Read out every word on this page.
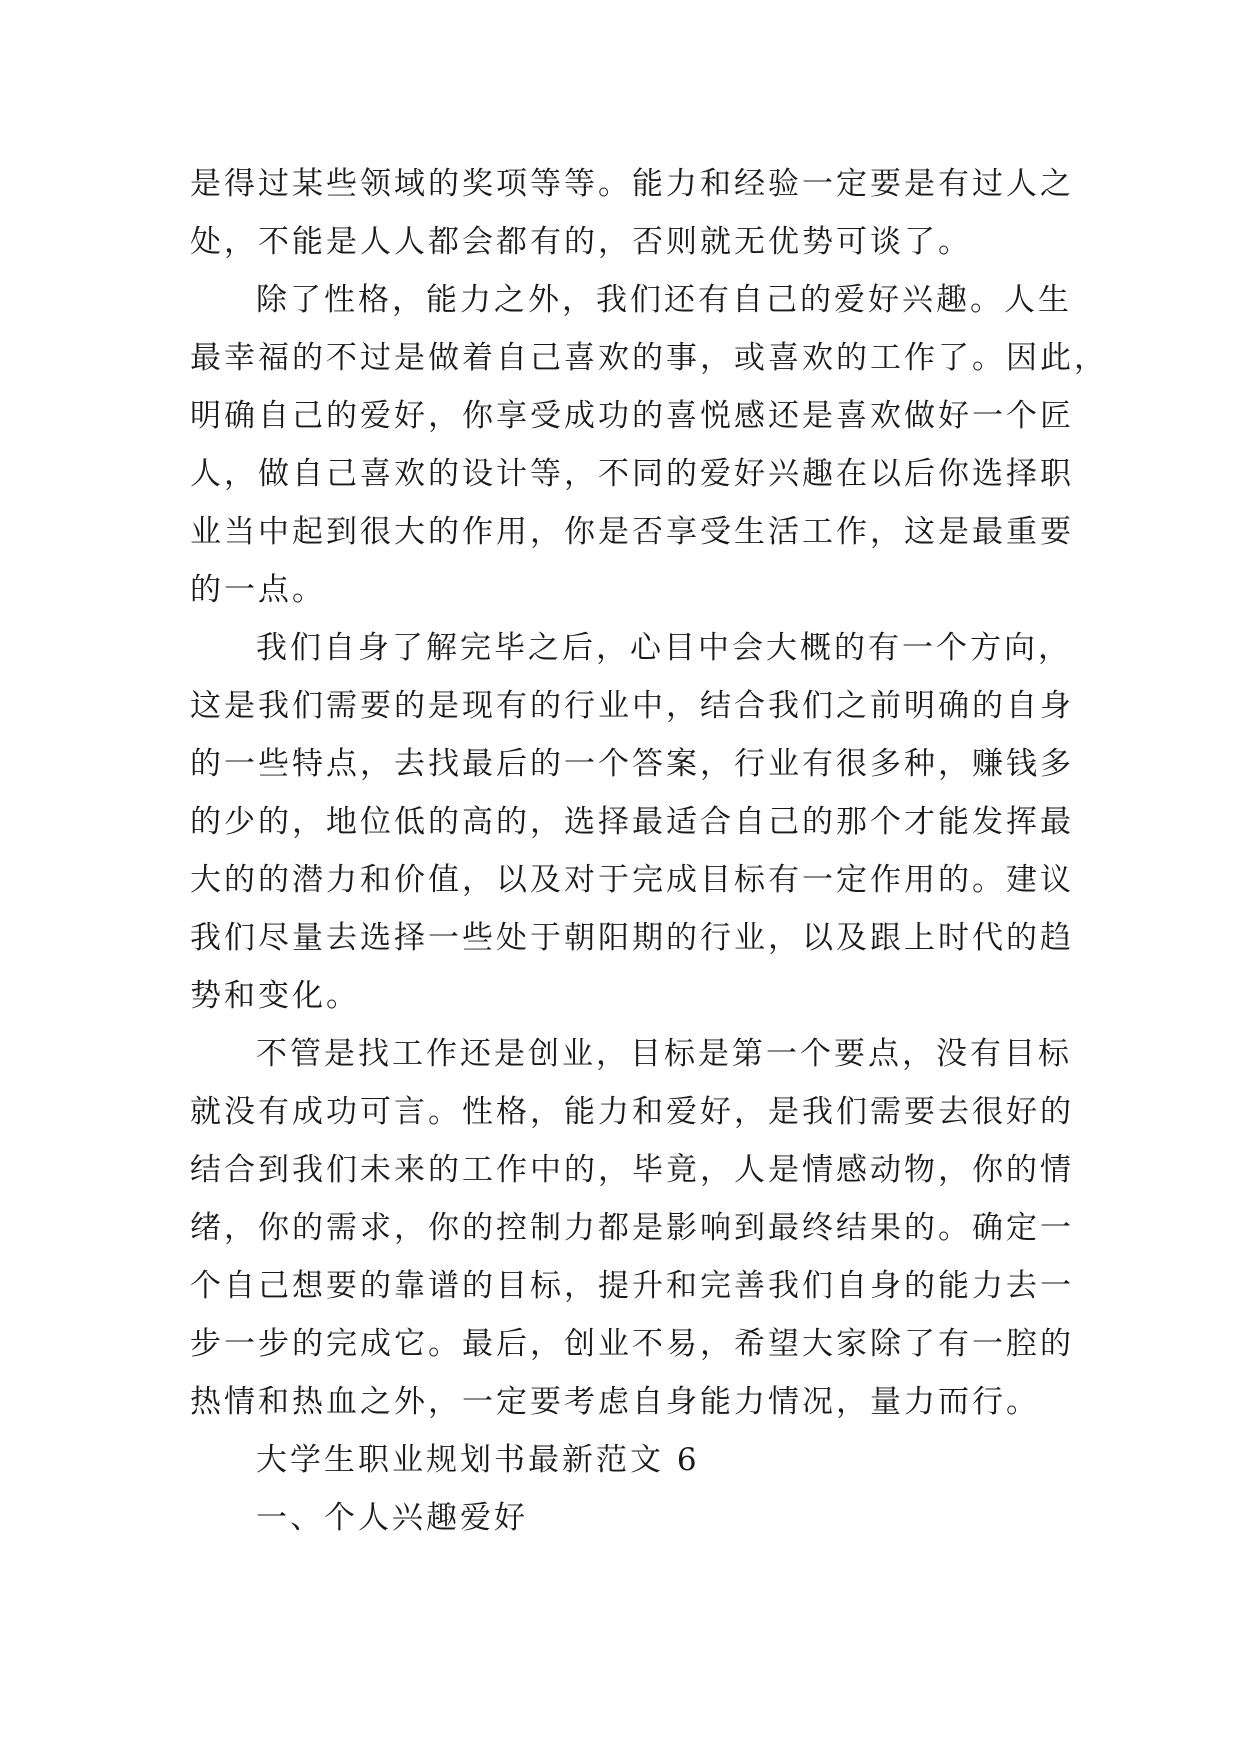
是得过某些领域的奖项等等。能力和经验一定要是有过人之
处，不能是人人都会都有的，否则就无优势可谈了。

除了性格，能力之外，我们还有自己的爱好兴趣。人生
最幸福的不过是做着自己喜欢的事，或喜欢的工作了。因此，
明确自己的爱好，你享受成功的喜悦感还是喜欢做好一个匠
人，做自己喜欢的设计等，不同的爱好兴趣在以后你选择职
业当中起到很大的作用，你是否享受生活工作，这是最重要
的一点。

我们自身了解完毕之后，心目中会大概的有一个方向，
这是我们需要的是现有的行业中，结合我们之前明确的自身
的一些特点，去找最后的一个答案，行业有很多种，赚钱多
的少的，地位低的高的，选择最适合自己的那个才能发挥最
大的的潜力和价值，以及对于完成目标有一定作用的。建议
我们尽量去选择一些处于朝阳期的行业，以及跟上时代的趋
势和变化。

不管是找工作还是创业，目标是第一个要点，没有目标
就没有成功可言。性格，能力和爱好，是我们需要去很好的
结合到我们未来的工作中的，毕竟，人是情感动物，你的情
绪，你的需求，你的控制力都是影响到最终结果的。确定一
个自己想要的靠谱的目标，提升和完善我们自身的能力去一
步一步的完成它。最后，创业不易，希望大家除了有一腔的
热情和热血之外，一定要考虑自身能力情况，量力而行。

大学生职业规划书最新范文 6

一、个人兴趣爱好
